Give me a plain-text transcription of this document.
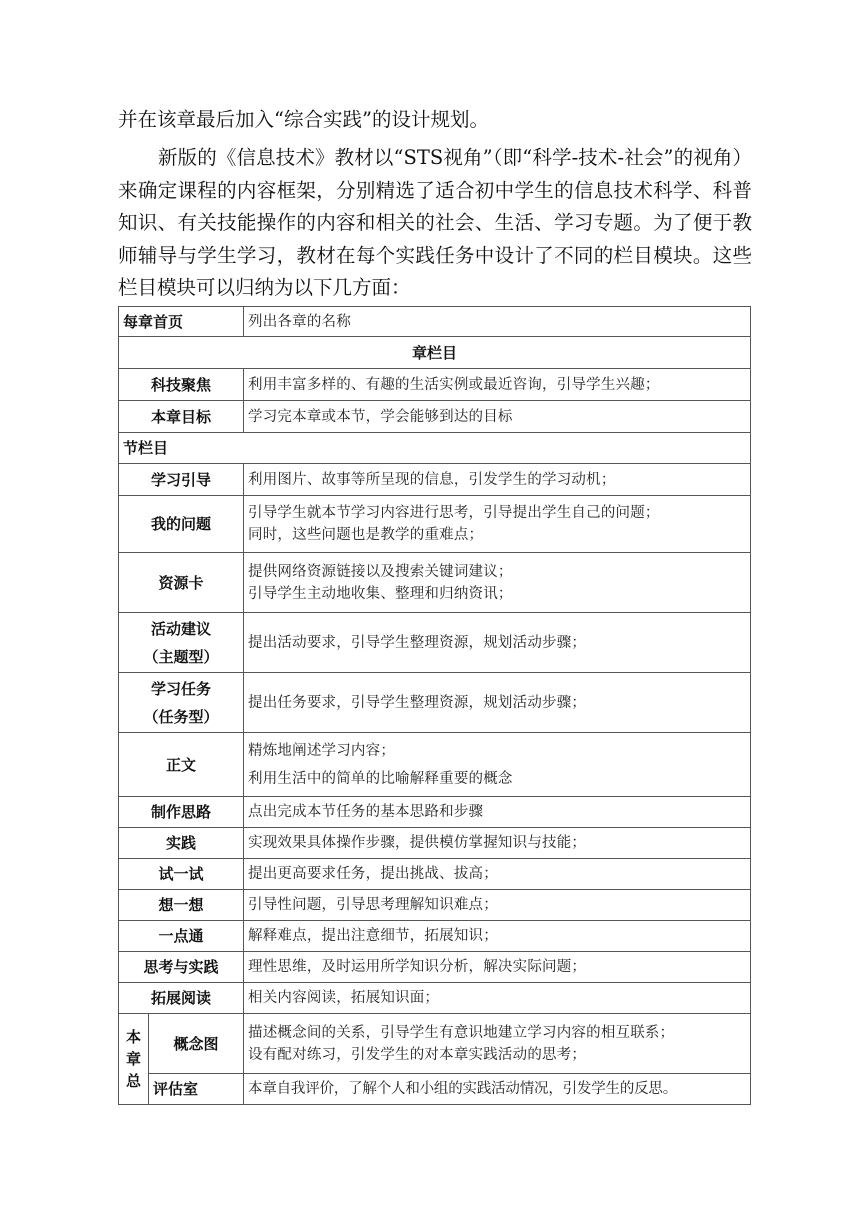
并在该章最后加入“综合实践”的设计规划。
新版的《信息技术》教材以“STS视角”（即“科学-技术-社会”的视角）来确定课程的内容框架，分别精选了适合初中学生的信息技术科学、科普知识、有关技能操作的内容和相关的社会、生活、学习专题。为了便于教师辅导与学生学习，教材在每个实践任务中设计了不同的栏目模块。这些栏目模块可以归纳为以下几方面：
每章首页		列出各章的名称
章栏目		
科技聚焦		利用丰富多样的、有趣的生活实例或最近咨询，引导学生兴趣；
本章目标		学习完本章或本节，学会能够到达的目标
节栏目		
学习引导		利用图片、故事等所呈现的信息，引发学生的学习动机；
我的问题		引导学生就本节学习内容进行思考，引导提出学生自己的问题；
同时，这些问题也是教学的重难点；

资源卡		提供网络资源链接以及搜索关键词建议；
引导学生主动地收集、整理和归纳资讯；

活动建议
（主题型）		提出活动要求，引导学生整理资源，规划活动步骤；

学习任务
（任务型）		提出任务要求，引导学生整理资源，规划活动步骤；
正文		精炼地阐述学习内容；
利用生活中的简单的比喻解释重要的概念

制作思路		点出完成本节任务的基本思路和步骤
实践		实现效果具体操作步骤，提供模仿掌握知识与技能；
试一试		提出更高要求任务，提出挑战、拔高；
想一想		引导性问题，引导思考理解知识难点；
一点通		解释难点，提出注意细节，拓展知识；
思考与实践		理性思维，及时运用所学知识分析，解决实际问题；
拓展阅读		相关内容阅读，拓展知识面；

本
章
总	概念图	描述概念间的关系，引导学生有意识地建立学习内容的相互联系；
设有配对练习，引发学生的对本章实践活动的思考；

	评估室	本章自我评价，了解个人和小组的实践活动情况，引发学生的反思。
